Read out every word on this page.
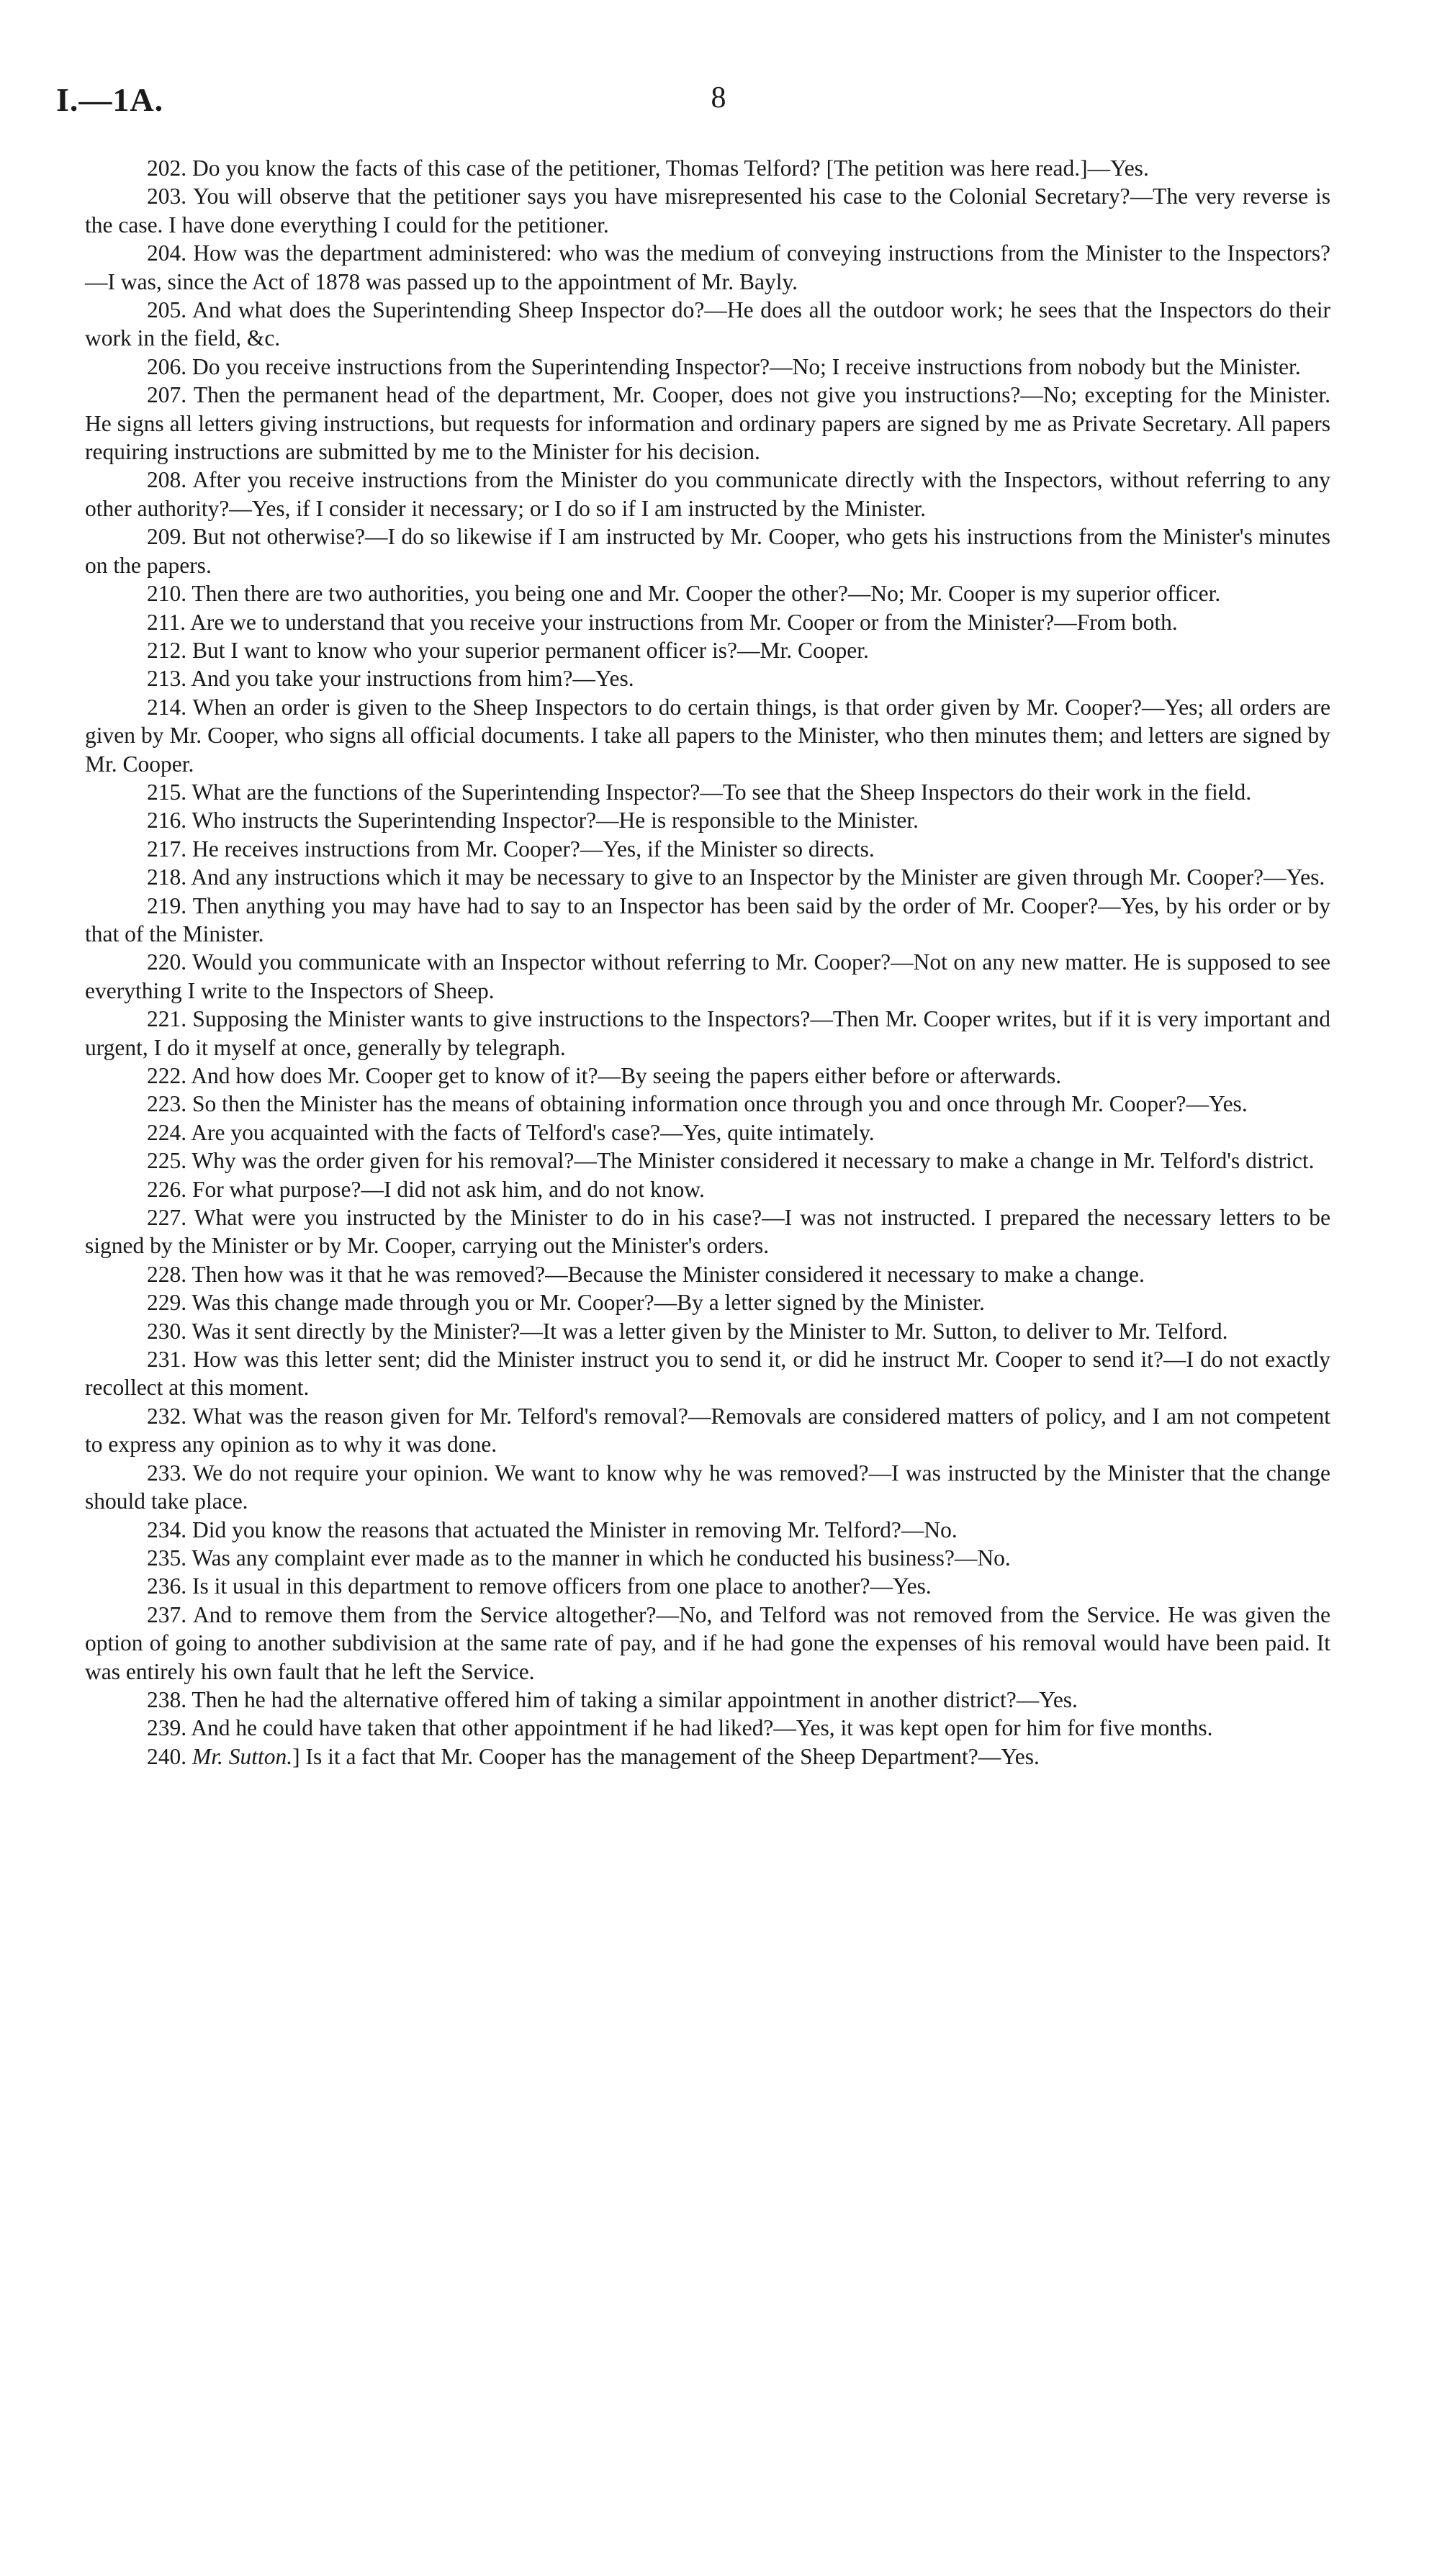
I.—1A.	8

202. Do you know the facts of this case of the petitioner, Thomas Telford? [The petition was here read.]—Yes.

203. You will observe that the petitioner says you have misrepresented his case to the Colonial Secretary?—The very reverse is the case. I have done everything I could for the petitioner.

204. How was the department administered: who was the medium of conveying instructions from the Minister to the Inspectors?—I was, since the Act of 1878 was passed up to the appointment of Mr. Bayly.

205. And what does the Superintending Sheep Inspector do?—He does all the outdoor work; he sees that the Inspectors do their work in the field, &c.

206. Do you receive instructions from the Superintending Inspector?—No; I receive instructions from nobody but the Minister.

207. Then the permanent head of the department, Mr. Cooper, does not give you instructions?—No; excepting for the Minister. He signs all letters giving instructions, but requests for information and ordinary papers are signed by me as Private Secretary. All papers requiring instructions are submitted by me to the Minister for his decision.

208. After you receive instructions from the Minister do you communicate directly with the Inspectors, without referring to any other authority?—Yes, if I consider it necessary; or I do so if I am instructed by the Minister.

209. But not otherwise?—I do so likewise if I am instructed by Mr. Cooper, who gets his instructions from the Minister's minutes on the papers.

210. Then there are two authorities, you being one and Mr. Cooper the other?—No; Mr. Cooper is my superior officer.

211. Are we to understand that you receive your instructions from Mr. Cooper or from the Minister?—From both.

212. But I want to know who your superior permanent officer is?—Mr. Cooper.

213. And you take your instructions from him?—Yes.

214. When an order is given to the Sheep Inspectors to do certain things, is that order given by Mr. Cooper?—Yes; all orders are given by Mr. Cooper, who signs all official documents. I take all papers to the Minister, who then minutes them; and letters are signed by Mr. Cooper.

215. What are the functions of the Superintending Inspector?—To see that the Sheep Inspectors do their work in the field.

216. Who instructs the Superintending Inspector?—He is responsible to the Minister.

217. He receives instructions from Mr. Cooper?—Yes, if the Minister so directs.

218. And any instructions which it may be necessary to give to an Inspector by the Minister are given through Mr. Cooper?—Yes.

219. Then anything you may have had to say to an Inspector has been said by the order of Mr. Cooper?—Yes, by his order or by that of the Minister.

220. Would you communicate with an Inspector without referring to Mr. Cooper?—Not on any new matter. He is supposed to see everything I write to the Inspectors of Sheep.

221. Supposing the Minister wants to give instructions to the Inspectors?—Then Mr. Cooper writes, but if it is very important and urgent, I do it myself at once, generally by telegraph.

222. And how does Mr. Cooper get to know of it?—By seeing the papers either before or afterwards.

223. So then the Minister has the means of obtaining information once through you and once through Mr. Cooper?—Yes.

224. Are you acquainted with the facts of Telford's case?—Yes, quite intimately.

225. Why was the order given for his removal?—The Minister considered it necessary to make a change in Mr. Telford's district.

226. For what purpose?—I did not ask him, and do not know.

227. What were you instructed by the Minister to do in his case?—I was not instructed. I prepared the necessary letters to be signed by the Minister or by Mr. Cooper, carrying out the Minister's orders.

228. Then how was it that he was removed?—Because the Minister considered it necessary to make a change.

229. Was this change made through you or Mr. Cooper?—By a letter signed by the Minister.

230. Was it sent directly by the Minister?—It was a letter given by the Minister to Mr. Sutton, to deliver to Mr. Telford.

231. How was this letter sent; did the Minister instruct you to send it, or did he instruct Mr. Cooper to send it?—I do not exactly recollect at this moment.

232. What was the reason given for Mr. Telford's removal?—Removals are considered matters of policy, and I am not competent to express any opinion as to why it was done.

233. We do not require your opinion. We want to know why he was removed?—I was instructed by the Minister that the change should take place.

234. Did you know the reasons that actuated the Minister in removing Mr. Telford?—No.

235. Was any complaint ever made as to the manner in which he conducted his business?—No.

236. Is it usual in this department to remove officers from one place to another?—Yes.

237. And to remove them from the Service altogether?—No, and Telford was not removed from the Service. He was given the option of going to another subdivision at the same rate of pay, and if he had gone the expenses of his removal would have been paid. It was entirely his own fault that he left the Service.

238. Then he had the alternative offered him of taking a similar appointment in another district?—Yes.

239. And he could have taken that other appointment if he had liked?—Yes, it was kept open for him for five months.

240. Mr. Sutton.] Is it a fact that Mr. Cooper has the management of the Sheep Department?—Yes.
